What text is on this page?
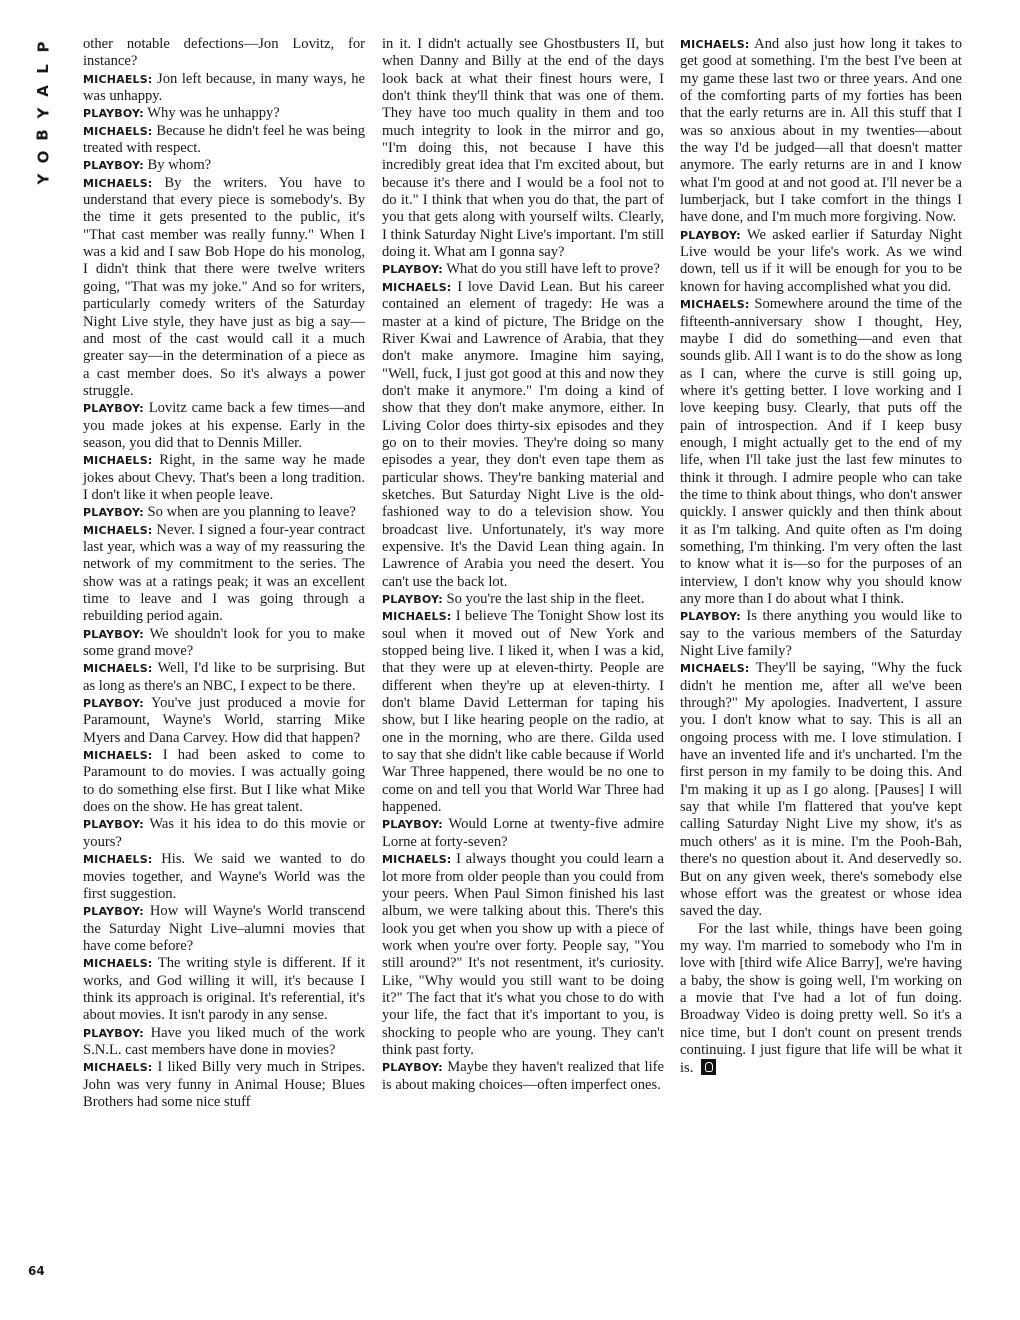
P
L
A
Y
B
O
Y

other notable defections—Jon Lovitz, for instance?

MICHAELS: Jon left because, in many ways, he was unhappy.

PLAYBOY: Why was he unhappy?

MICHAELS: Because he didn't feel he was being treated with respect.

PLAYBOY: By whom?

MICHAELS: By the writers. You have to understand that every piece is somebody's. By the time it gets presented to the public, it's "That cast member was really funny." When I was a kid and I saw Bob Hope do his monolog, I didn't think that there were twelve writers going, "That was my joke." And so for writers, particularly comedy writers of the Saturday Night Live style, they have just as big a say—and most of the cast would call it a much greater say—in the determination of a piece as a cast member does. So it's always a power struggle.

PLAYBOY: Lovitz came back a few times—and you made jokes at his expense. Early in the season, you did that to Dennis Miller.

MICHAELS: Right, in the same way he made jokes about Chevy. That's been a long tradition. I don't like it when people leave.

PLAYBOY: So when are you planning to leave?

MICHAELS: Never. I signed a four-year contract last year, which was a way of my reassuring the network of my commitment to the series. The show was at a ratings peak; it was an excellent time to leave and I was going through a rebuilding period again.

PLAYBOY: We shouldn't look for you to make some grand move?

MICHAELS: Well, I'd like to be surprising. But as long as there's an NBC, I expect to be there.

PLAYBOY: You've just produced a movie for Paramount, Wayne's World, starring Mike Myers and Dana Carvey. How did that happen?

MICHAELS: I had been asked to come to Paramount to do movies. I was actually going to do something else first. But I like what Mike does on the show. He has great talent.

PLAYBOY: Was it his idea to do this movie or yours?

MICHAELS: His. We said we wanted to do movies together, and Wayne's World was the first suggestion.

PLAYBOY: How will Wayne's World transcend the Saturday Night Live–alumni movies that have come before?

MICHAELS: The writing style is different. If it works, and God willing it will, it's because I think its approach is original. It's referential, it's about movies. It isn't parody in any sense.

PLAYBOY: Have you liked much of the work S.N.L. cast members have done in movies?

MICHAELS: I liked Billy very much in Stripes. John was very funny in Animal House; Blues Brothers had some nice stuff

in it. I didn't actually see Ghostbusters II, but when Danny and Billy at the end of the days look back at what their finest hours were, I don't think they'll think that was one of them. They have too much quality in them and too much integrity to look in the mirror and go, "I'm doing this, not because I have this incredibly great idea that I'm excited about, but because it's there and I would be a fool not to do it." I think that when you do that, the part of you that gets along with yourself wilts. Clearly, I think Saturday Night Live's important. I'm still doing it. What am I gonna say?

PLAYBOY: What do you still have left to prove?

MICHAELS: I love David Lean. But his career contained an element of tragedy: He was a master at a kind of picture, The Bridge on the River Kwai and Lawrence of Arabia, that they don't make anymore. Imagine him saying, "Well, fuck, I just got good at this and now they don't make it anymore." I'm doing a kind of show that they don't make anymore, either. In Living Color does thirty-six episodes and they go on to their movies. They're doing so many episodes a year, they don't even tape them as particular shows. They're banking material and sketches. But Saturday Night Live is the old-fashioned way to do a television show. You broadcast live. Unfortunately, it's way more expensive. It's the David Lean thing again. In Lawrence of Arabia you need the desert. You can't use the back lot.

PLAYBOY: So you're the last ship in the fleet.

MICHAELS: I believe The Tonight Show lost its soul when it moved out of New York and stopped being live. I liked it, when I was a kid, that they were up at eleven-thirty. People are different when they're up at eleven-thirty. I don't blame David Letterman for taping his show, but I like hearing people on the radio, at one in the morning, who are there. Gilda used to say that she didn't like cable because if World War Three happened, there would be no one to come on and tell you that World War Three had happened.

PLAYBOY: Would Lorne at twenty-five admire Lorne at forty-seven?

MICHAELS: I always thought you could learn a lot more from older people than you could from your peers. When Paul Simon finished his last album, we were talking about this. There's this look you get when you show up with a piece of work when you're over forty. People say, "You still around?" It's not resentment, it's curiosity. Like, "Why would you still want to be doing it?" The fact that it's what you chose to do with your life, the fact that it's important to you, is shocking to people who are young. They can't think past forty.

PLAYBOY: Maybe they haven't realized that life is about making choices—often imperfect ones.

MICHAELS: And also just how long it takes to get good at something. I'm the best I've been at my game these last two or three years. And one of the comforting parts of my forties has been that the early returns are in. All this stuff that I was so anxious about in my twenties—about the way I'd be judged—all that doesn't matter anymore. The early returns are in and I know what I'm good at and not good at. I'll never be a lumberjack, but I take comfort in the things I have done, and I'm much more forgiving. Now.

PLAYBOY: We asked earlier if Saturday Night Live would be your life's work. As we wind down, tell us if it will be enough for you to be known for having accomplished what you did.

MICHAELS: Somewhere around the time of the fifteenth-anniversary show I thought, Hey, maybe I did do something—and even that sounds glib. All I want is to do the show as long as I can, where the curve is still going up, where it's getting better. I love working and I love keeping busy. Clearly, that puts off the pain of introspection. And if I keep busy enough, I might actually get to the end of my life, when I'll take just the last few minutes to think it through. I admire people who can take the time to think about things, who don't answer quickly. I answer quickly and then think about it as I'm talking. And quite often as I'm doing something, I'm thinking. I'm very often the last to know what it is—so for the purposes of an interview, I don't know why you should know any more than I do about what I think.

PLAYBOY: Is there anything you would like to say to the various members of the Saturday Night Live family?

MICHAELS: They'll be saying, "Why the fuck didn't he mention me, after all we've been through?" My apologies. Inadvertent, I assure you. I don't know what to say. This is all an ongoing process with me. I love stimulation. I have an invented life and it's uncharted. I'm the first person in my family to be doing this. And I'm making it up as I go along. [Pauses] I will say that while I'm flattered that you've kept calling Saturday Night Live my show, it's as much others' as it is mine. I'm the Pooh-Bah, there's no question about it. And deservedly so. But on any given week, there's somebody else whose effort was the greatest or whose idea saved the day.

For the last while, things have been going my way. I'm married to somebody who I'm in love with [third wife Alice Barry], we're having a baby, the show is going well, I'm working on a movie that I've had a lot of fun doing. Broadway Video is doing pretty well. So it's a nice time, but I don't count on present trends continuing. I just figure that life will be what it is.

64
